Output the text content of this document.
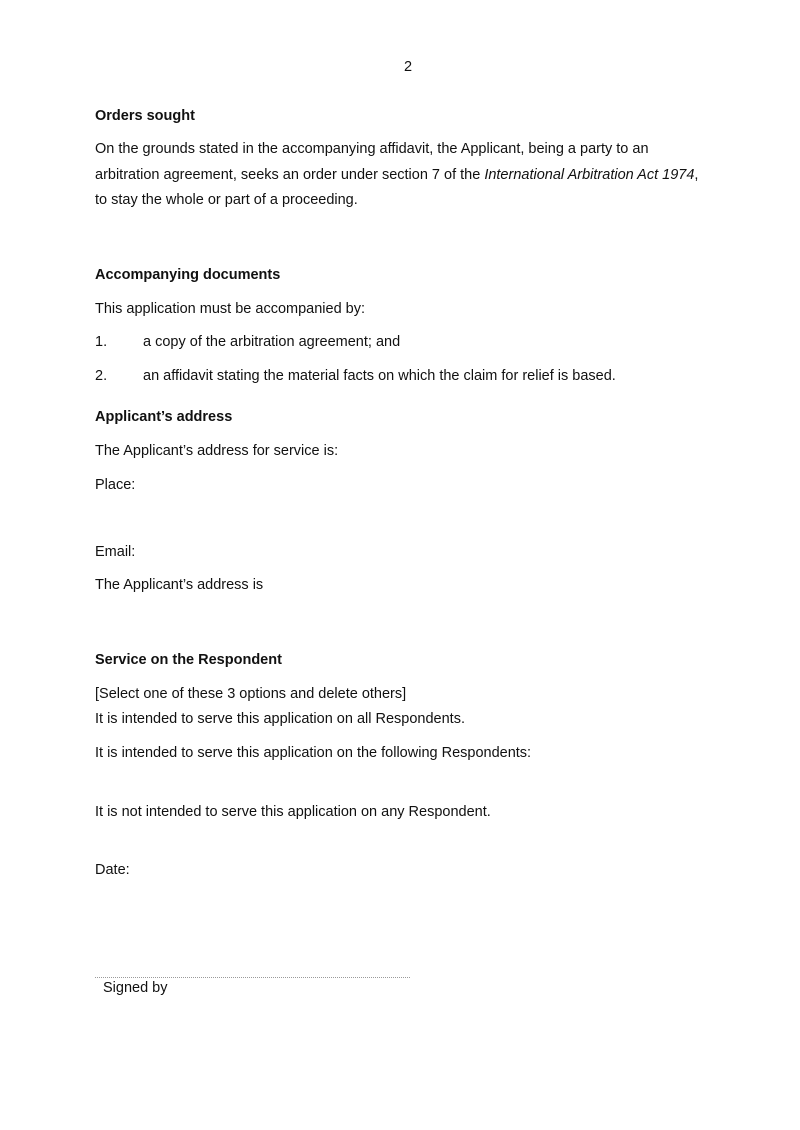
2
Orders sought
On the grounds stated in the accompanying affidavit, the Applicant, being a party to an
arbitration agreement, seeks an order under section 7 of the International Arbitration Act 1974,
to stay the whole or part of a proceeding.
Accompanying documents
This application must be accompanied by:
1. a copy of the arbitration agreement; and
2. an affidavit stating the material facts on which the claim for relief is based.
Applicant’s address
The Applicant’s address for service is:
Place:
Email:
The Applicant’s address is
Service on the Respondent
[Select one of these 3 options and delete others]
It is intended to serve this application on all Respondents.
It is intended to serve this application on the following Respondents:
It is not intended to serve this application on any Respondent.
Date:
Signed by
